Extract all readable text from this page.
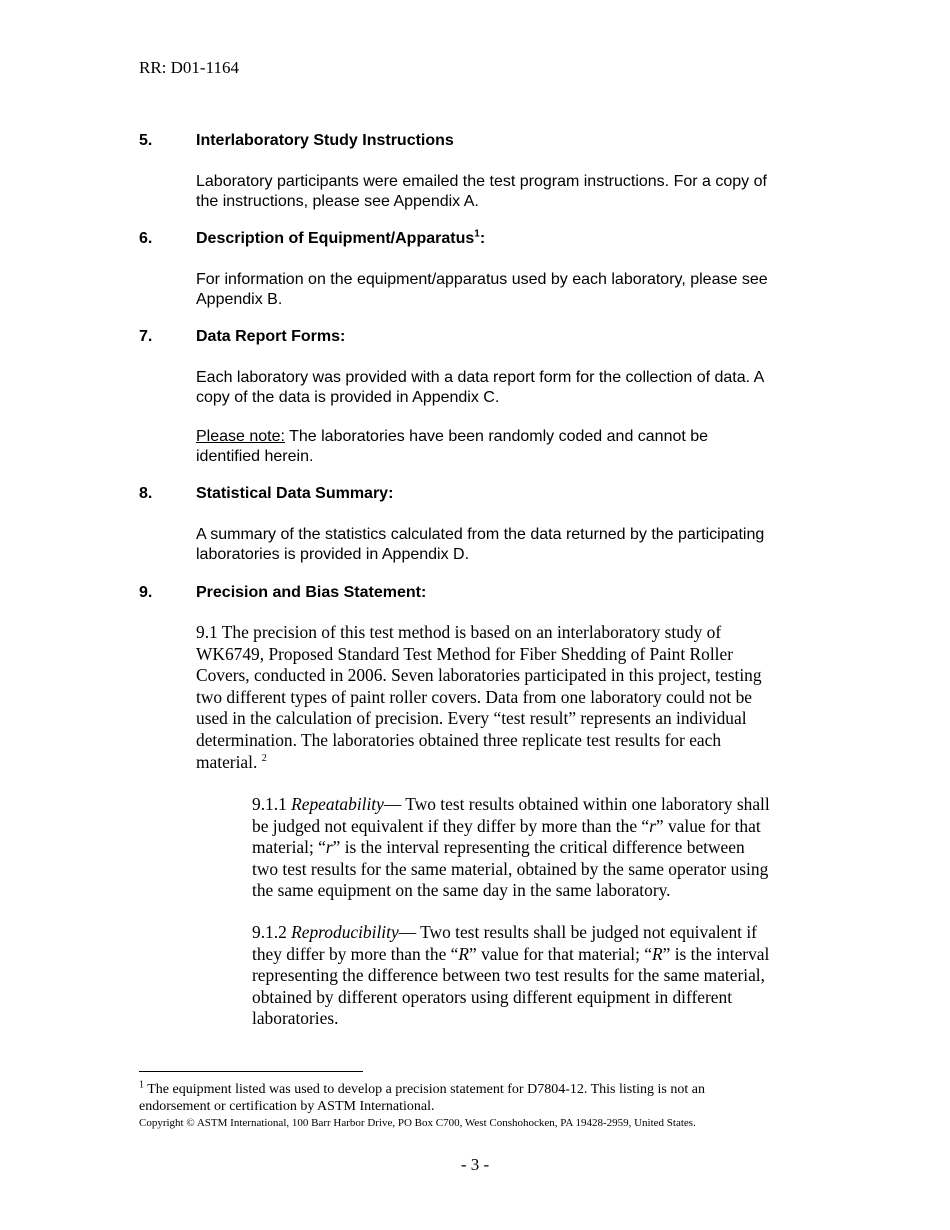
RR: D01-1164
5.	Interlaboratory Study Instructions
Laboratory participants were emailed the test program instructions. For a copy of
the instructions, please see Appendix A.
6.	Description of Equipment/Apparatus$^1$:
For information on the equipment/apparatus used by each laboratory, please see
Appendix B.
7.	Data Report Forms:
Each laboratory was provided with a data report form for the collection of data. A
copy of the data is provided in Appendix C.
Please note: The laboratories have been randomly coded and cannot be
identified herein.
8.	Statistical Data Summary:
A summary of the statistics calculated from the data returned by the participating
laboratories is provided in Appendix D.
9.	Precision and Bias Statement:
9.1 The precision of this test method is based on an interlaboratory study of
WK6749, Proposed Standard Test Method for Fiber Shedding of Paint Roller
Covers, conducted in 2006. Seven laboratories participated in this project, testing
two different types of paint roller covers. Data from one laboratory could not be
used in the calculation of precision. Every “test result” represents an individual
determination. The laboratories obtained three replicate test results for each
material. $^2$
9.1.1 Repeatability— Two test results obtained within one laboratory shall
be judged not equivalent if they differ by more than the “r” value for that
material; “r” is the interval representing the critical difference between
two test results for the same material, obtained by the same operator using
the same equipment on the same day in the same laboratory.
9.1.2 Reproducibility— Two test results shall be judged not equivalent if
they differ by more than the “R” value for that material; “R” is the interval
representing the difference between two test results for the same material,
obtained by different operators using different equipment in different
laboratories.
$^1$ The equipment listed was used to develop a precision statement for D7804-12. This listing is not an
endorsement or certification by ASTM International.
Copyright © ASTM International, 100 Barr Harbor Drive, PO Box C700, West Conshohocken, PA 19428-2959, United States.
- 3 -
